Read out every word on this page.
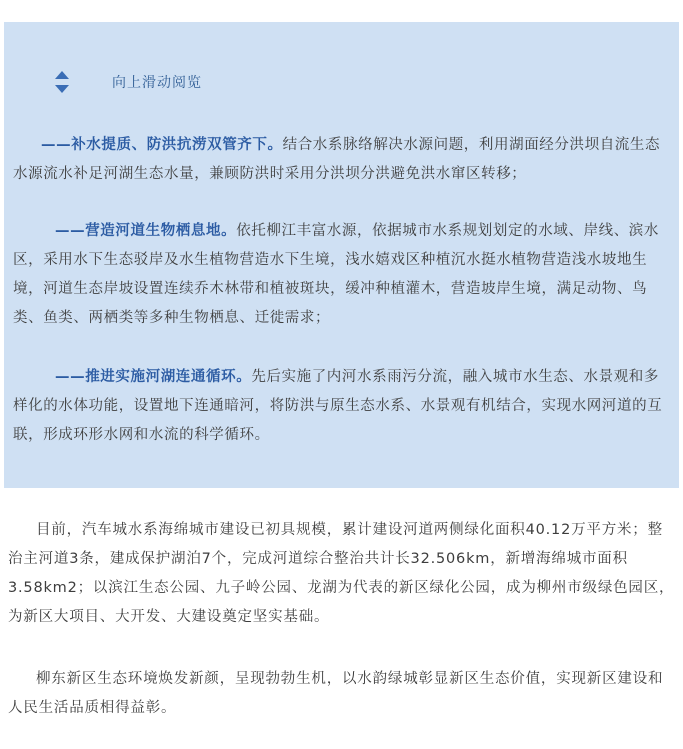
向上滑动阅览

——补水提质、防洪抗涝双管齐下。结合水系脉络解决水源问题，利用湖面经分洪坝自流生态水源流水补足河湖生态水量，兼顾防洪时采用分洪坝分洪避免洪水窜区转移；

——营造河道生物栖息地。依托柳江丰富水源，依据城市水系规划划定的水域、岸线、滨水区，采用水下生态驳岸及水生植物营造水下生境，浅水嬉戏区种植沉水挺水植物营造浅水坡地生境，河道生态岸坡设置连续乔木林带和植被斑块，缓冲种植灌木，营造坡岸生境，满足动物、鸟类、鱼类、两栖类等多种生物栖息、迁徙需求；

——推进实施河湖连通循环。先后实施了内河水系雨污分流，融入城市水生态、水景观和多样化的水体功能，设置地下连通暗河，将防洪与原生态水系、水景观有机结合，实现水网河道的互联，形成环形水网和水流的科学循环。

目前，汽车城水系海绵城市建设已初具规模，累计建设河道两侧绿化面积40.12万平方米；整治主河道3条，建成保护湖泊7个，完成河道综合整治共计长32.506km，新增海绵城市面积3.58km2；以滨江生态公园、九子岭公园、龙湖为代表的新区绿化公园，成为柳州市级绿色园区，为新区大项目、大开发、大建设奠定坚实基础。

柳东新区生态环境焕发新颜，呈现勃勃生机，以水韵绿城彰显新区生态价值，实现新区建设和人民生活品质相得益彰。
